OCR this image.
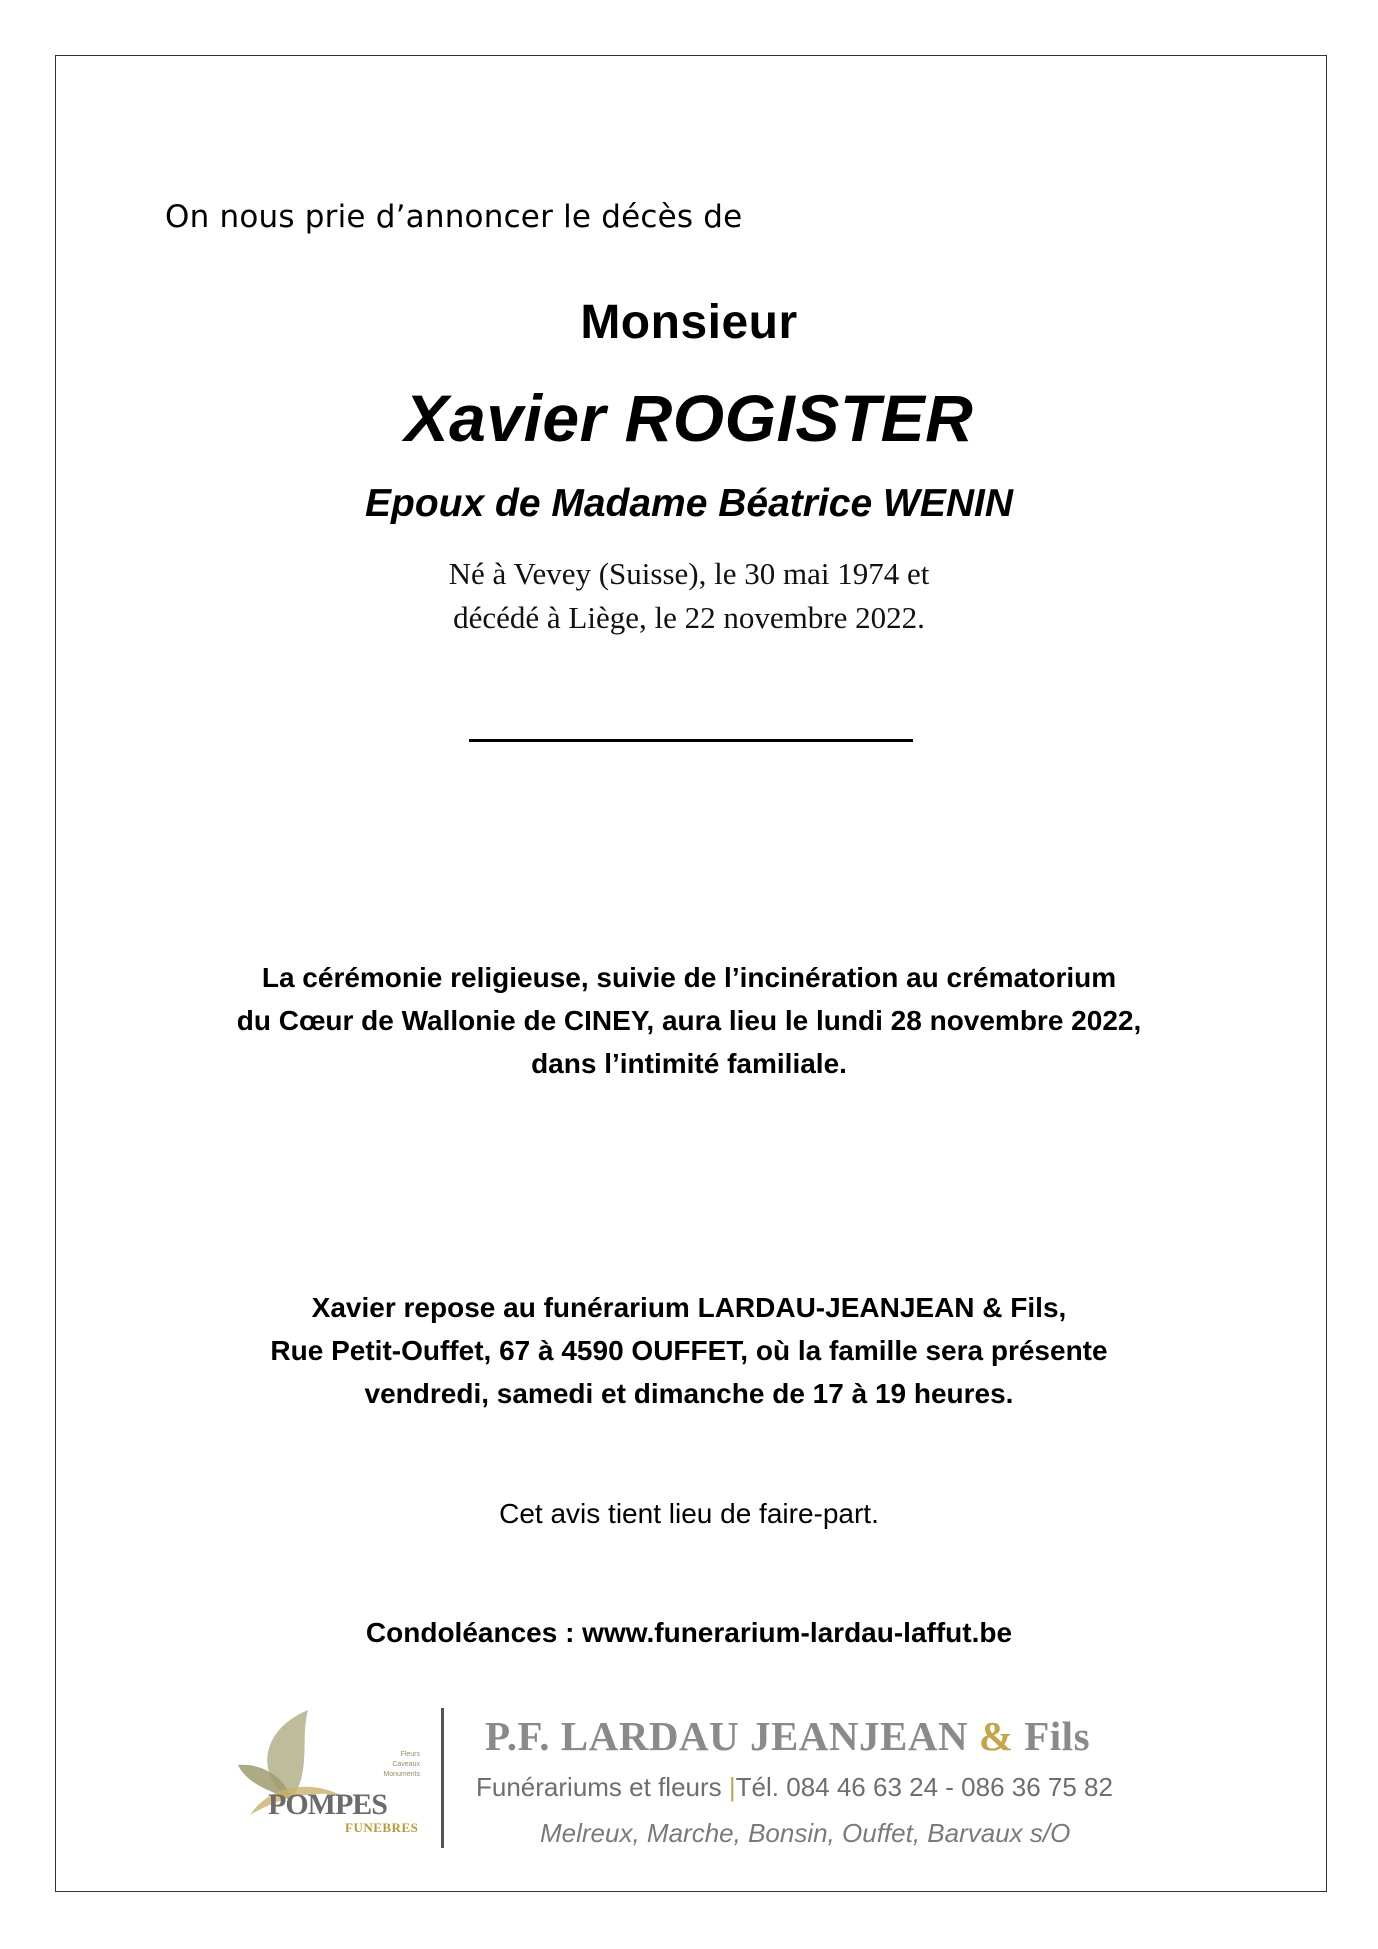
On nous prie d’annoncer le décès de

Monsieur

Xavier ROGISTER

Epoux de Madame Béatrice WENIN

Né à Vevey (Suisse), le 30 mai 1974 et
décédé à Liège, le 22 novembre 2022.
La cérémonie religieuse, suivie de l’incinération au crématorium
du Cœur de Wallonie de CINEY, aura lieu le lundi 28 novembre 2022,
dans l’intimité familiale.
Xavier repose au funérarium LARDAU-JEANJEAN & Fils,
Rue Petit-Ouffet, 67 à 4590 OUFFET, où la famille sera présente
vendredi, samedi et dimanche de 17 à 19 heures.

Cet avis tient lieu de faire-part.

Condoléances : www.funerarium-lardau-laffut.be

Fleurs
Caveaux
Monuments
POMPES
FUNEBRES
P.F. LARDAU JEANJEAN & Fils
Funérariums et fleurs |Tél. 084 46 63 24 - 086 36 75 82
Melreux, Marche, Bonsin, Ouffet, Barvaux s/O
